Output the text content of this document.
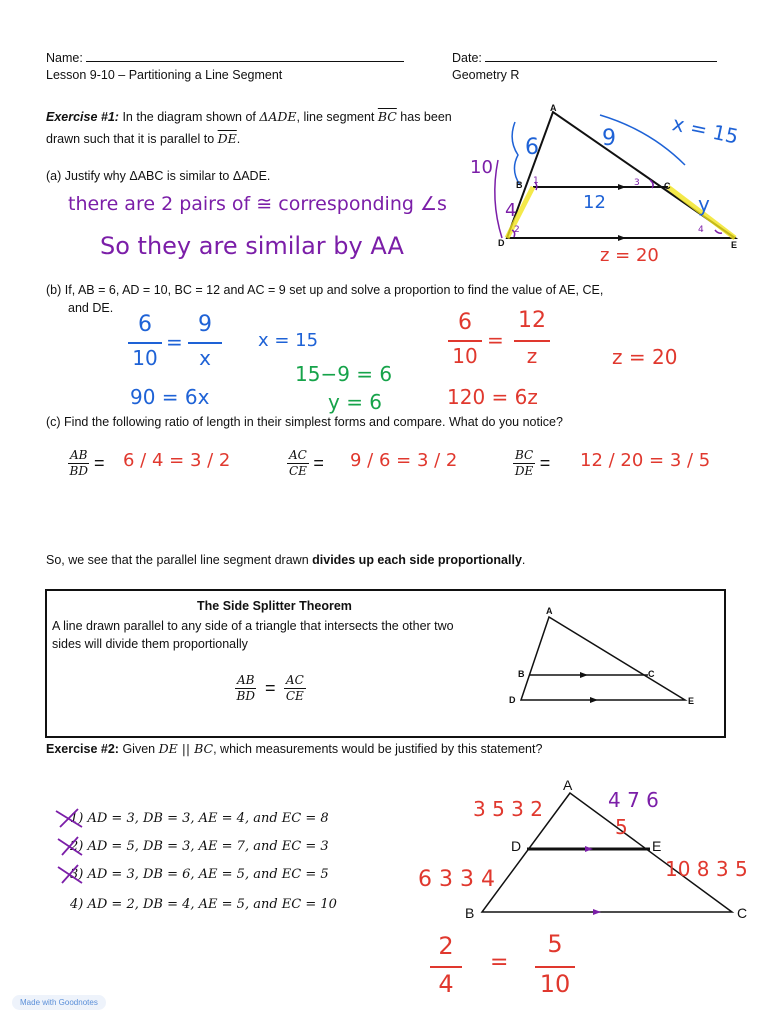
Name:	Date:
Lesson 9-10 – Partitioning a Line Segment	Geometry R
Exercise #1: In the diagram shown of ΔADE, line segment $\overline{BC}$ has been
drawn such that it is parallel to $\overline{DE}$.
A
B	C
D	E
6	9	x = 15
10
4	12	y
z = 20
1
2
3
4
(a) Justify why ΔABC is similar to ΔADE.
there are 2 pairs of ≅ corresponding ∠s
So they are similar by AA
(b) If, AB = 6, AD = 10, BC = 12 and AC = 9 set up and solve a proportion to find the value of AE, CE,
and DE.
6
10
=
9
x
x = 15
90 = 6x
15−9 = 6
y = 6
6
10
=
12
z	z = 20
120 = 6z
(c) Find the following ratio of length in their simplest forms and compare. What do you notice?
$\frac{AB}{BD}$ =	$\frac{AC}{CE}$ =	$\frac{BC}{DE}$ =
6 / 4 = 3 / 2	9 / 6 = 3 / 2	12 / 20 = 3 / 5
So, we see that the parallel line segment drawn divides up each side proportionally.
The Side Splitter Theorem
A line drawn parallel to any side of a triangle that intersects the other two
sides will divide them proportionally
$\frac{AB}{BD} = \frac{AC}{CE}$
A
B	C
D	E
Exercise #2: Given DE || BC, which measurements would be justified by this statement?
1) AD = 3, DB = 3, AE = 4, and EC = 8
2) AD = 5, DB = 3, AE = 7, and EC = 3
3) AD = 3, DB = 6, AE = 5, and EC = 5
4) AD = 2, DB = 4, AE = 5, and EC = 10
A
D	E
B	C
3 5 3 2
6 3 3 4
4 7 6
10 8 3 5
5
2
4
=
5
10
Made with Goodnotes
